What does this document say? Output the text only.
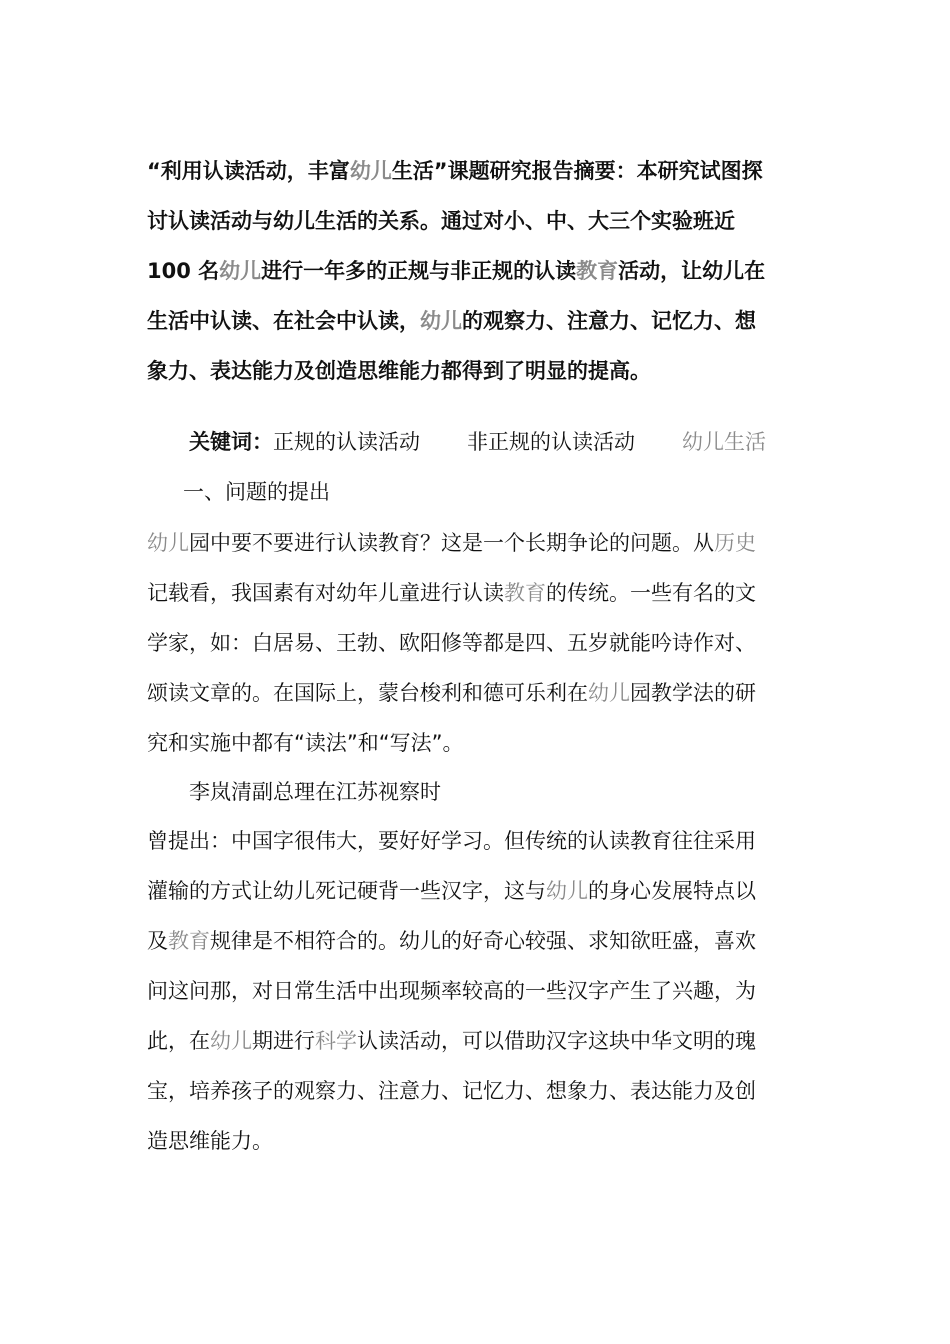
“利用认读活动，丰富幼儿生活”课题研究报告摘要：本研究试图探
讨认读活动与幼儿生活的关系。通过对小、中、大三个实验班近
100 名幼儿进行一年多的正规与非正规的认读教育活动，让幼儿在
生活中认读、在社会中认读，幼儿的观察力、注意力、记忆力、想
象力、表达能力及创造思维能力都得到了明显的提高。
关键词：正规的认读活动 非正规的认读活动 幼儿生活
一、问题的提出
幼儿园中要不要进行认读教育？这是一个长期争论的问题。从历史
记载看，我国素有对幼年儿童进行认读教育的传统。一些有名的文
学家，如：白居易、王勃、欧阳修等都是四、五岁就能吟诗作对、
颂读文章的。在国际上，蒙台梭利和德可乐利在幼儿园教学法的研
究和实施中都有“读法”和“写法”。
李岚清副总理在江苏视察时
曾提出：中国字很伟大，要好好学习。但传统的认读教育往往采用
灌输的方式让幼儿死记硬背一些汉字，这与幼儿的身心发展特点以
及教育规律是不相符合的。幼儿的好奇心较强、求知欲旺盛，喜欢
问这问那，对日常生活中出现频率较高的一些汉字产生了兴趣，为
此，在幼儿期进行科学认读活动，可以借助汉字这块中华文明的瑰
宝，培养孩子的观察力、注意力、记忆力、想象力、表达能力及创
造思维能力。
